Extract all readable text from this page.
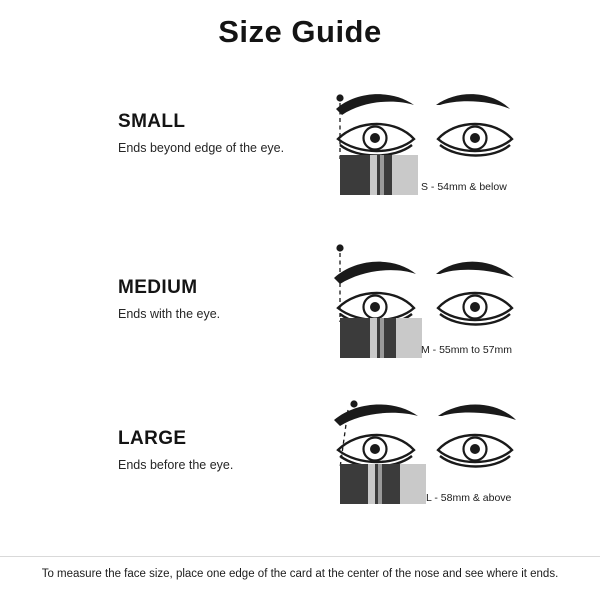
Size Guide

SMALL

Ends beyond edge of the eye.

S - 54mm & below

MEDIUM

Ends with the eye.

M - 55mm to 57mm

LARGE

Ends before the eye.

L - 58mm & above
To measure the face size, place one edge of the card at the center of the nose and see where it ends.
